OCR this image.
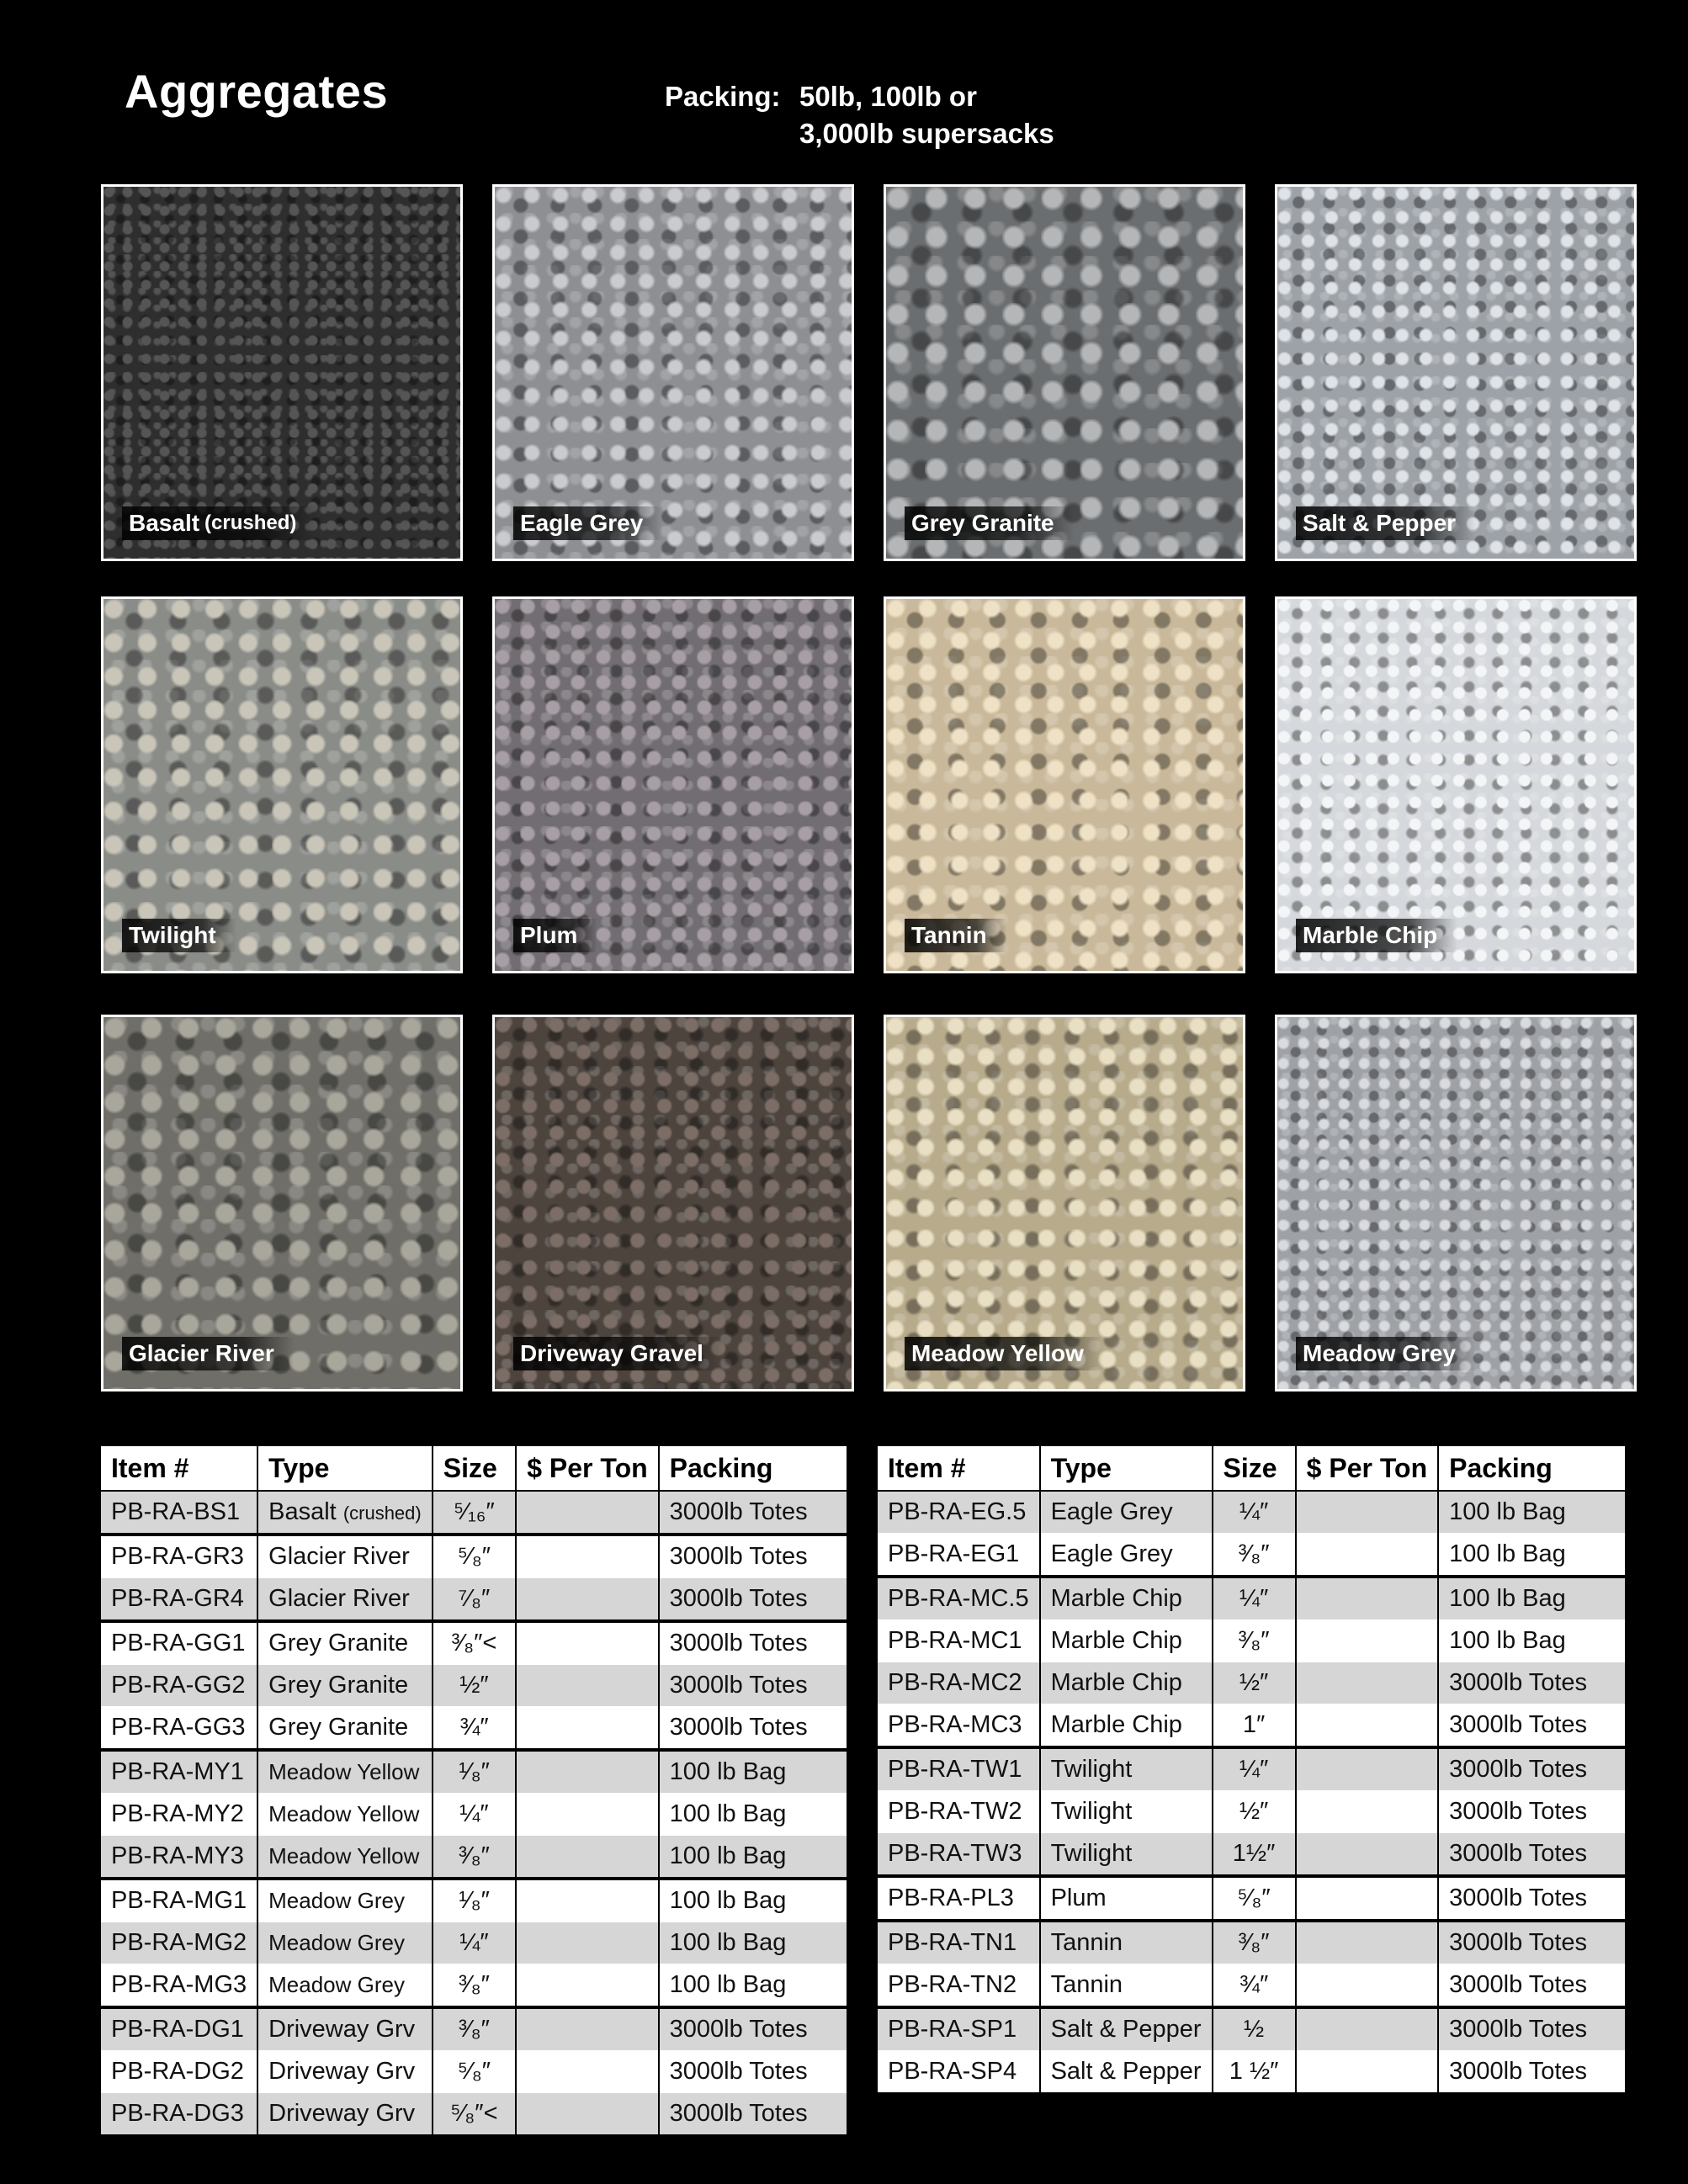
Aggregates	Packing: 50lb, 100lb or
3,000lb supersacks
Basalt (crushed)	Eagle Grey	Grey Granite	Salt & Pepper
Twilight	Plum	Tannin	Marble Chip
Glacier River	Driveway Gravel	Meadow Yellow	Meadow Grey
Item #	Type	Size	$ Per Ton	Packing
PB-RA-BS1	Basalt (crushed)	⁵⁄₁₆″		3000lb Totes
PB-RA-GR3	Glacier River	⁵⁄₈″		3000lb Totes
PB-RA-GR4	Glacier River	⁷⁄₈″		3000lb Totes
PB-RA-GG1	Grey Granite	³⁄₈″<		3000lb Totes
PB-RA-GG2	Grey Granite	½″		3000lb Totes
PB-RA-GG3	Grey Granite	¾″		3000lb Totes
PB-RA-MY1	Meadow Yellow	¹⁄₈″		100 lb Bag
PB-RA-MY2	Meadow Yellow	¼″		100 lb Bag
PB-RA-MY3	Meadow Yellow	³⁄₈″		100 lb Bag
PB-RA-MG1	Meadow Grey	¹⁄₈″		100 lb Bag
PB-RA-MG2	Meadow Grey	¼″		100 lb Bag
PB-RA-MG3	Meadow Grey	³⁄₈″		100 lb Bag
PB-RA-DG1	Driveway Grv	³⁄₈″		3000lb Totes
PB-RA-DG2	Driveway Grv	⁵⁄₈″		3000lb Totes
PB-RA-DG3	Driveway Grv	⁵⁄₈″<		3000lb Totes
Item #	Type	Size	$ Per Ton	Packing
PB-RA-EG.5	Eagle Grey	¼″		100 lb Bag
PB-RA-EG1	Eagle Grey	³⁄₈″		100 lb Bag
PB-RA-MC.5	Marble Chip	¼″		100 lb Bag
PB-RA-MC1	Marble Chip	³⁄₈″		100 lb Bag
PB-RA-MC2	Marble Chip	½″		3000lb Totes
PB-RA-MC3	Marble Chip	1″		3000lb Totes
PB-RA-TW1	Twilight	¼″		3000lb Totes
PB-RA-TW2	Twilight	½″		3000lb Totes
PB-RA-TW3	Twilight	1½″		3000lb Totes
PB-RA-PL3	Plum	⁵⁄₈″		3000lb Totes
PB-RA-TN1	Tannin	³⁄₈″		3000lb Totes
PB-RA-TN2	Tannin	¾″		3000lb Totes
PB-RA-SP1	Salt & Pepper	½		3000lb Totes
PB-RA-SP4	Salt & Pepper	1 ½″		3000lb Totes
